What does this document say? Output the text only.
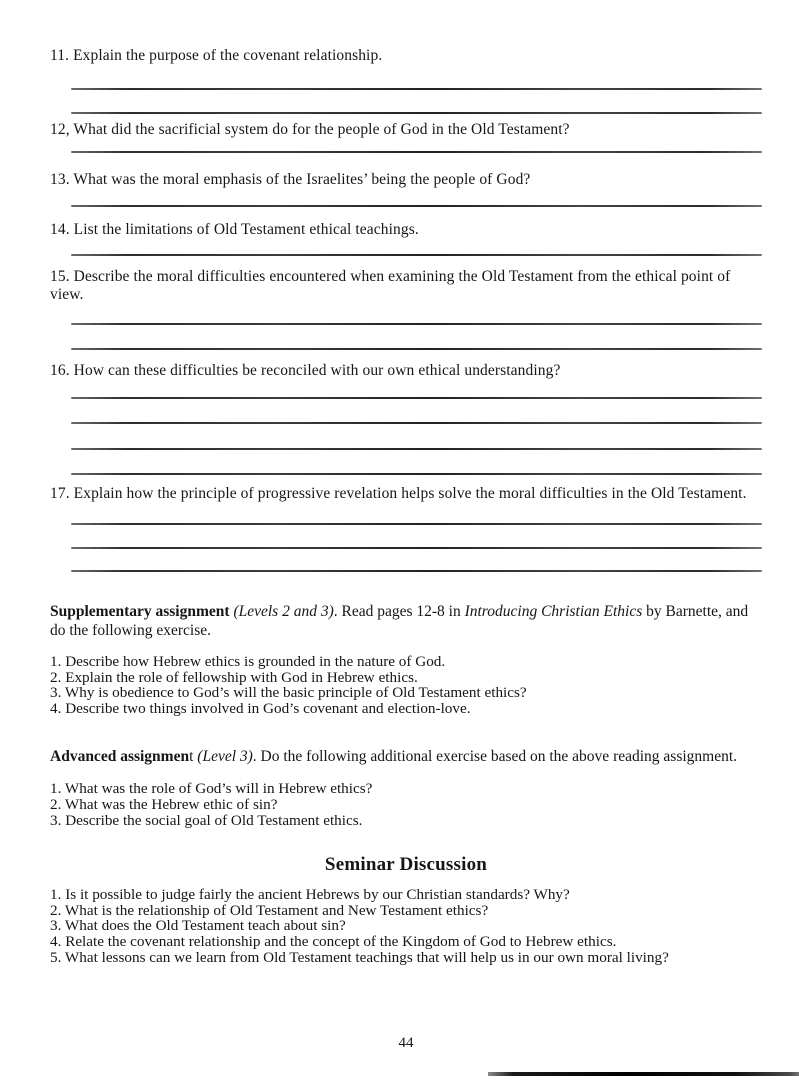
11. Explain the purpose of the covenant relationship.
12, What did the sacrificial system do for the people of God in the Old Testament?
13. What was the moral emphasis of the Israelites’ being the people of God?
14. List the limitations of Old Testament ethical teachings.
15. Describe the moral difficulties encountered when examining the Old Testament from the ethical point of view.
16. How can these difficulties be reconciled with our own ethical understanding?
17. Explain how the principle of progressive revelation helps solve the moral difficulties in the Old Testament.
Supplementary assignment (Levels 2 and 3). Read pages 12-8 in Introducing Christian Ethics by Barnette, and do the following exercise.
1. Describe how Hebrew ethics is grounded in the nature of God.
2. Explain the role of fellowship with God in Hebrew ethics.
3. Why is obedience to God’s will the basic principle of Old Testament ethics?
4. Describe two things involved in God’s covenant and election-love.
Advanced assignment (Level 3). Do the following additional exercise based on the above reading assignment.
1. What was the role of God’s will in Hebrew ethics?
2. What was the Hebrew ethic of sin?
3. Describe the social goal of Old Testament ethics.
Seminar Discussion
1. Is it possible to judge fairly the ancient Hebrews by our Christian standards? Why?
2. What is the relationship of Old Testament and New Testament ethics?
3. What does the Old Testament teach about sin?
4. Relate the covenant relationship and the concept of the Kingdom of God to Hebrew ethics.
5. What lessons can we learn from Old Testament teachings that will help us in our own moral living?
44
